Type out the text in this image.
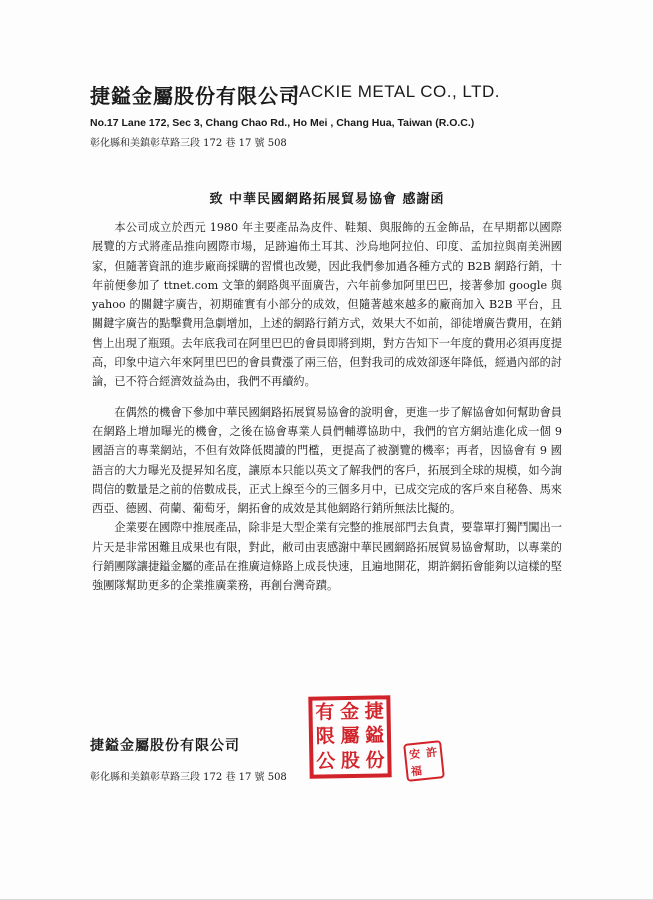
捷鎰金屬股份有限公司
JACKIE METAL CO., LTD.
No.17 Lane 172, Sec 3, Chang Chao Rd., Ho Mei , Chang Hua, Taiwan (R.O.C.)
彰化縣和美鎮彰草路三段 172 巷 17 號 508
致 中華民國網路拓展貿易協會 感謝函

本公司成立於西元 1980 年主要產品為皮件、鞋類、與服飾的五金飾品，在早期都以國際展覽的方式將產品推向國際市場，足跡遍佈土耳其、沙烏地阿拉伯、印度、孟加拉與南美洲國家，但隨著資訊的進步廠商採購的習慣也改變，因此我們參加過各種方式的 B2B 網路行銷，十年前便參加了 ttnet.com 文筆的網路與平面廣告，六年前參加阿里巴巴，接著參加 google 與 yahoo 的關鍵字廣告，初期確實有小部分的成效，但隨著越來越多的廠商加入 B2B 平台，且關鍵字廣告的點擊費用急劇增加，上述的網路行銷方式，效果大不如前，卻徒增廣告費用，在銷售上出現了瓶頸。去年底我司在阿里巴巴的會員即將到期，對方告知下一年度的費用必須再度提高，印象中這六年來阿里巴巴的會員費漲了兩三倍，但對我司的成效卻逐年降低，經過內部的討論，已不符合經濟效益為由，我們不再續約。

在偶然的機會下參加中華民國網路拓展貿易協會的說明會，更進一步了解協會如何幫助會員在網路上增加曝光的機會，之後在協會專業人員們輔導協助中，我們的官方網站進化成一個 9 國語言的專業網站，不但有效降低閱讀的門檻，更提高了被瀏覽的機率；再者，因協會有 9 國語言的大力曝光及提昇知名度，讓原本只能以英文了解我們的客戶，拓展到全球的規模，如今詢問信的數量是之前的倍數成長，正式上線至今的三個多月中，已成交完成的客戶來自秘魯、馬來西亞、德國、荷蘭、葡萄牙，網拓會的成效是其他網路行銷所無法比擬的。

企業要在國際中推展產品，除非是大型企業有完整的推展部門去負責，要靠單打獨鬥闖出一片天是非常困難且成果也有限，對此，敝司由衷感謝中華民國網路拓展貿易協會幫助，以專業的行銷團隊讓捷鎰金屬的產品在推廣這條路上成長快速，且遍地開花，期許網拓會能夠以這樣的堅強團隊幫助更多的企業推廣業務，再創台灣奇蹟。

捷鎰金屬股份有限公司
彰化縣和美鎮彰草路三段 172 巷 17 號 508
有 金 捷
限 屬 鎰
公 股 份 安 許
福
